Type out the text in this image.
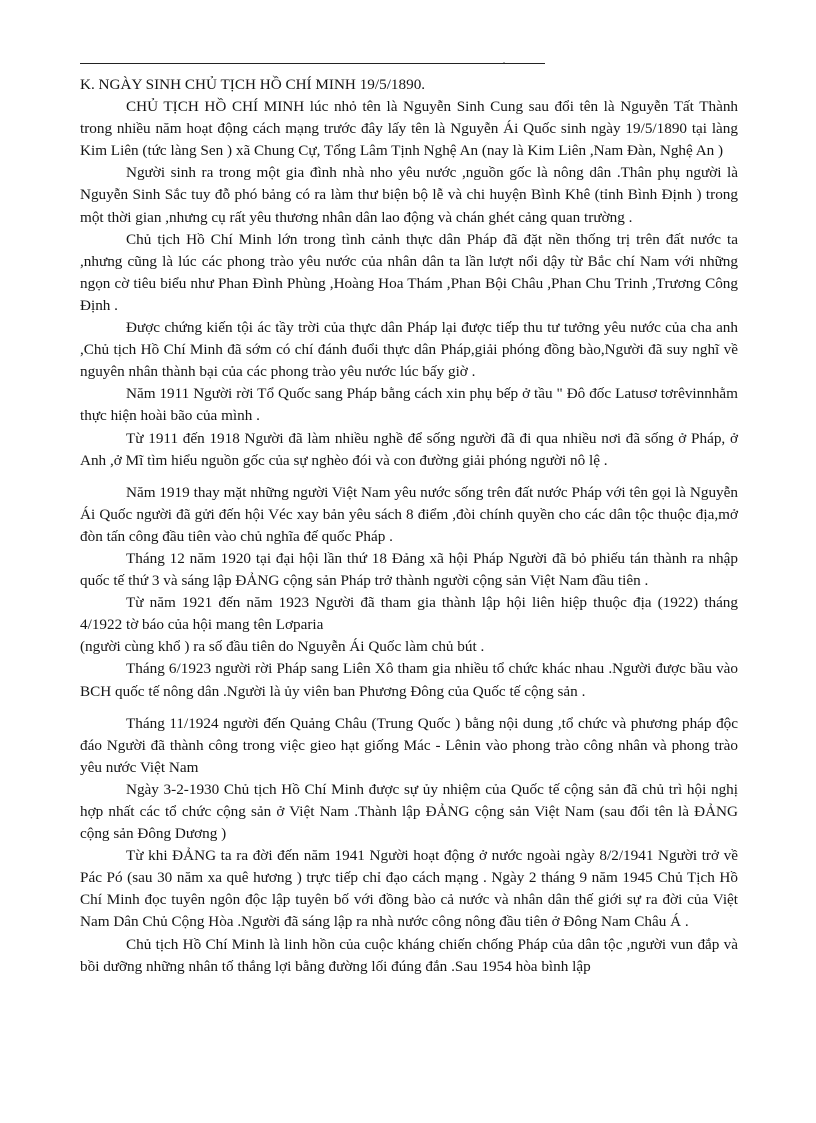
.

K. NGÀY SINH CHỦ TỊCH HỒ CHÍ MINH 19/5/1890.

CHỦ TỊCH HỒ CHÍ MINH lúc nhỏ tên là Nguyễn Sinh Cung sau đổi tên là Nguyễn Tất Thành trong nhiều năm hoạt động cách mạng trước đây lấy tên là Nguyễn Ái Quốc sinh ngày 19/5/1890 tại làng Kim Liên (tức làng Sen ) xã Chung Cự, Tổng Lâm Tịnh Nghệ An (nay là Kim Liên ,Nam Đàn, Nghệ An )

Người sinh ra trong một gia đình nhà nho yêu nước ,nguồn gốc là nông dân .Thân phụ người là Nguyễn Sinh Sắc tuy đỗ phó bảng có ra làm thư biện bộ lễ và chi huyện Bình Khê (tỉnh Bình Định ) trong một thời gian ,nhưng cụ rất yêu thương nhân dân lao động và chán ghét cảng quan trường .

Chủ tịch Hồ Chí Minh lớn trong tình cảnh thực dân Pháp đã đặt nền thống trị trên đất nước ta ,nhưng cũng là lúc các phong trào yêu nước của nhân dân ta lần lượt nổi dậy từ Bắc chí Nam với những ngọn cờ tiêu biểu như Phan Đình Phùng ,Hoàng Hoa Thám ,Phan Bội Châu ,Phan Chu Trinh ,Trương Công Định .

Được chứng kiến tội ác tầy trời của thực dân Pháp lại được tiếp thu tư tưởng yêu nước của cha anh ,Chủ tịch Hồ Chí Minh đã sớm có chí đánh đuổi thực dân Pháp,giải phóng đồng bào,Người đã suy nghĩ về nguyên nhân thành bại của các phong trào yêu nước lúc bấy giờ .

Năm 1911 Người rời Tổ Quốc sang Pháp bằng cách xin phụ bếp ở tầu " Đô đốc Latusơ tơrêvinnhằm thực hiện hoài bão của mình .

Từ 1911 đến 1918 Người đã làm nhiều nghề để sống người đã đi qua nhiều nơi đã sống ở Pháp, ở Anh ,ở Mĩ tìm hiểu nguồn gốc của sự nghèo đói và con đường giải phóng người nô lệ .

Năm 1919 thay mặt những người Việt Nam yêu nước sống trên đất nước Pháp với tên gọi là Nguyễn Ái Quốc người đã gửi đến hội Véc xay bản yêu sách 8 điểm ,đòi chính quyền cho các dân tộc thuộc địa,mở đòn tấn công đầu tiên vào chủ nghĩa đế quốc Pháp .

Tháng 12 năm 1920 tại đại hội lần thứ 18 Đảng xã hội Pháp Người đã bỏ phiếu tán thành ra nhập quốc tế thứ 3 và sáng lập ĐẢNG cộng sản Pháp trở thành người cộng sản Việt Nam đầu tiên .

Từ năm 1921 đến năm 1923 Người đã tham gia thành lập hội liên hiệp thuộc địa (1922) tháng 4/1922 tờ báo của hội mang tên Lơparia

(người cùng khổ ) ra số đầu tiên do Nguyễn Ái Quốc làm chủ bút .

Tháng 6/1923 người rời Pháp sang Liên Xô tham gia nhiều tổ chức khác nhau .Người được bầu vào BCH quốc tế nông dân .Người là ủy viên ban Phương Đông của Quốc tế cộng sản .

Tháng 11/1924 người đến Quảng Châu (Trung Quốc ) bằng nội dung ,tổ chức và phương pháp độc đáo Người đã thành công trong việc gieo hạt giống Mác - Lênin vào phong trào công nhân và phong trào yêu nước Việt Nam

Ngày 3-2-1930 Chủ tịch Hồ Chí Minh được sự ủy nhiệm của Quốc tế cộng sản đã chủ trì hội nghị hợp nhất các tổ chức cộng sản ở Việt Nam .Thành lập ĐẢNG cộng sản Việt Nam (sau đổi tên là ĐẢNG cộng sản Đông Dương )

Từ khi ĐẢNG ta ra đời đến năm 1941 Người hoạt động ở nước ngoài ngày 8/2/1941 Người trở về Pác Pó (sau 30 năm xa quê hương ) trực tiếp chỉ đạo cách mạng . Ngày 2 tháng 9 năm 1945 Chủ Tịch Hồ Chí Minh đọc tuyên ngôn độc lập tuyên bố với đồng bào cả nước và nhân dân thế giới sự ra đời của Việt Nam Dân Chủ Cộng Hòa .Người đã sáng lập ra nhà nước công nông đầu tiên ở Đông Nam Châu Á .

Chủ tịch Hồ Chí Minh là linh hồn của cuộc kháng chiến chống Pháp của dân tộc ,người vun đắp và bồi dưỡng những nhân tố thắng lợi bằng đường lối đúng đắn .Sau 1954 hòa bình lập
